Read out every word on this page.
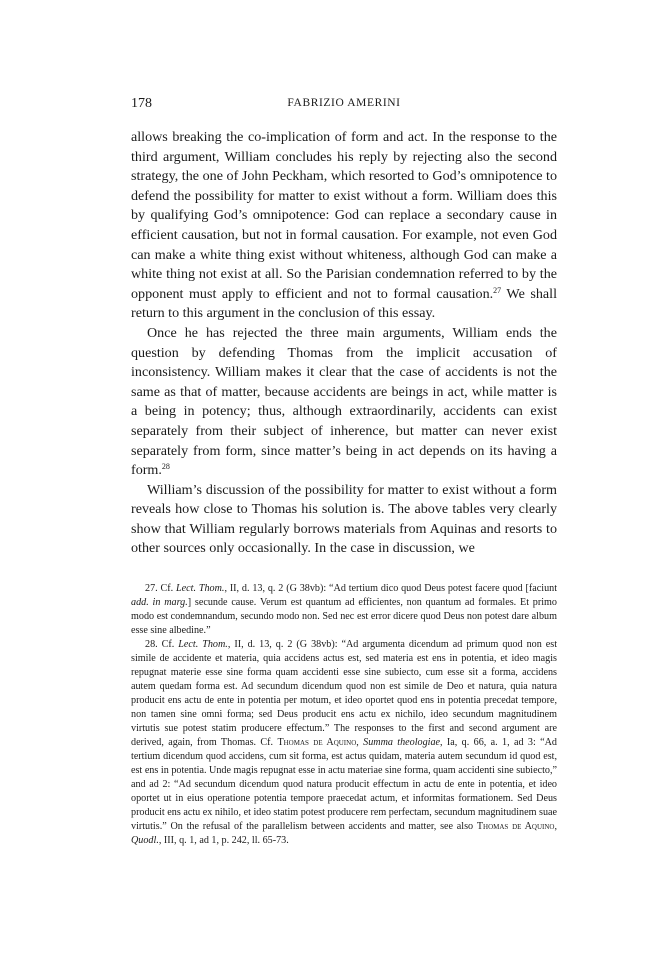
178	FABRIZIO AMERINI

allows breaking the co-implication of form and act. In the response to the third argument, William concludes his reply by rejecting also the second strategy, the one of John Peckham, which resorted to God’s omnipotence to defend the possibility for matter to exist without a form. William does this by qualifying God’s omnipotence: God can replace a secondary cause in efficient causation, but not in formal causation. For example, not even God can make a white thing exist without whiteness, although God can make a white thing not exist at all. So the Parisian condemnation referred to by the opponent must apply to efficient and not to formal causation.$^{27}$ We shall return to this argument in the conclusion of this essay.

Once he has rejected the three main arguments, William ends the question by defending Thomas from the implicit accusation of inconsistency. William makes it clear that the case of accidents is not the same as that of matter, because accidents are beings in act, while matter is a being in potency; thus, although extraordinarily, accidents can exist separately from their subject of inherence, but matter can never exist separately from form, since matter’s being in act depends on its having a form.$^{28}$

William’s discussion of the possibility for matter to exist without a form reveals how close to Thomas his solution is. The above tables very clearly show that William regularly borrows materials from Aquinas and resorts to other sources only occasionally. In the case in discussion, we

27. Cf. Lect. Thom., II, d. 13, q. 2 (G 38vb): “Ad tertium dico quod Deus potest facere quod [faciunt add. in marg.] secunde cause. Verum est quantum ad efficientes, non quantum ad formales. Et primo modo est condemnandum, secundo modo non. Sed nec est error dicere quod Deus non potest dare album esse sine albedine.”

28. Cf. Lect. Thom., II, d. 13, q. 2 (G 38vb): “Ad argumenta dicendum ad primum quod non est simile de accidente et materia, quia accidens actus est, sed materia est ens in potentia, et ideo magis repugnat materie esse sine forma quam accidenti esse sine subiecto, cum esse sit a forma, accidens autem quedam forma est. Ad secundum dicendum quod non est simile de Deo et natura, quia natura producit ens actu de ente in potentia per motum, et ideo oportet quod ens in potentia precedat tempore, non tamen sine omni forma; sed Deus producit ens actu ex nichilo, ideo secundum magnitudinem virtutis sue potest statim producere effectum.” The responses to the first and second argument are derived, again, from Thomas. Cf. Thomas de Aquino, Summa theologiae, Ia, q. 66, a. 1, ad 3: “Ad tertium dicendum quod accidens, cum sit forma, est actus quidam, materia autem secundum id quod est, est ens in potentia. Unde magis repugnat esse in actu materiae sine forma, quam accidenti sine subiecto,” and ad 2: “Ad secundum dicendum quod natura producit effectum in actu de ente in potentia, et ideo oportet ut in eius operatione potentia tempore praecedat actum, et informitas formationem. Sed Deus producit ens actu ex nihilo, et ideo statim potest producere rem perfectam, secundum magnitudinem suae virtutis.” On the refusal of the parallelism between accidents and matter, see also Thomas de Aquino, Quodl., III, q. 1, ad 1, p. 242, ll. 65-73.
